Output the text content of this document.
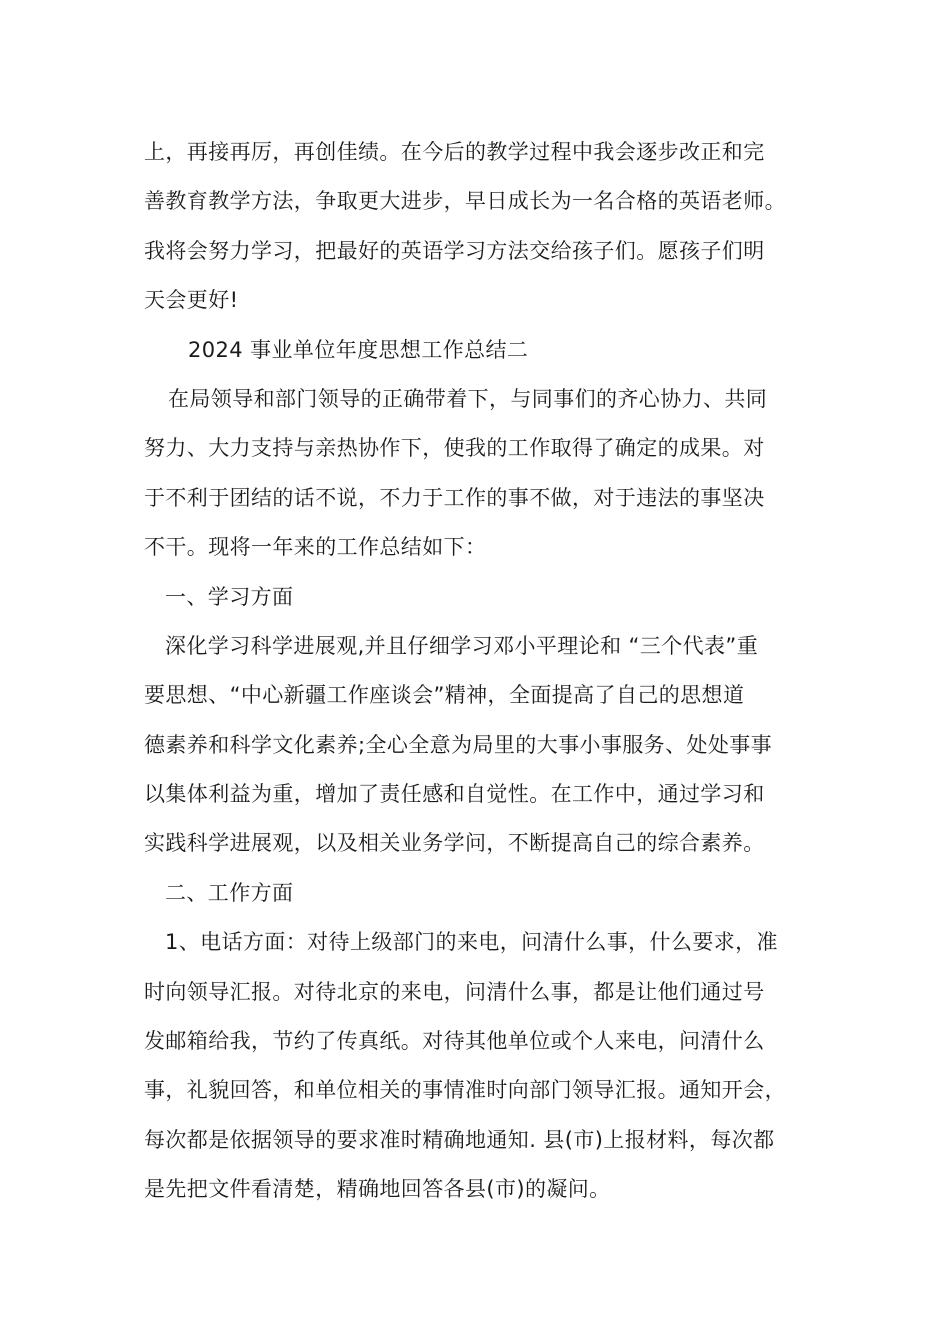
上，再接再厉，再创佳绩。在今后的教学过程中我会逐步改正和完
善教育教学方法，争取更大进步，早日成长为一名合格的英语老师。
我将会努力学习，把最好的英语学习方法交给孩子们。愿孩子们明
天会更好!
2024 事业单位年度思想工作总结二
在局领导和部门领导的正确带着下，与同事们的齐心协力、共同
努力、大力支持与亲热协作下，使我的工作取得了确定的成果。对
于不利于团结的话不说，不力于工作的事不做，对于违法的事坚决
不干。现将一年来的工作总结如下：
一、学习方面
深化学习科学进展观,并且仔细学习邓小平理论和 “三个代表”重
要思想、“中心新疆工作座谈会”精神，全面提高了自己的思想道
德素养和科学文化素养;全心全意为局里的大事小事服务、处处事事
以集体利益为重，增加了责任感和自觉性。在工作中，通过学习和
实践科学进展观，以及相关业务学问，不断提高自己的综合素养。
二、工作方面
1、电话方面：对待上级部门的来电，问清什么事，什么要求，准
时向领导汇报。对待北京的来电，问清什么事，都是让他们通过号
发邮箱给我，节约了传真纸。对待其他单位或个人来电，问清什么
事，礼貌回答，和单位相关的事情准时向部门领导汇报。通知开会，
每次都是依据领导的要求准时精确地通知. 县(市)上报材料，每次都
是先把文件看清楚，精确地回答各县(市)的凝问。
